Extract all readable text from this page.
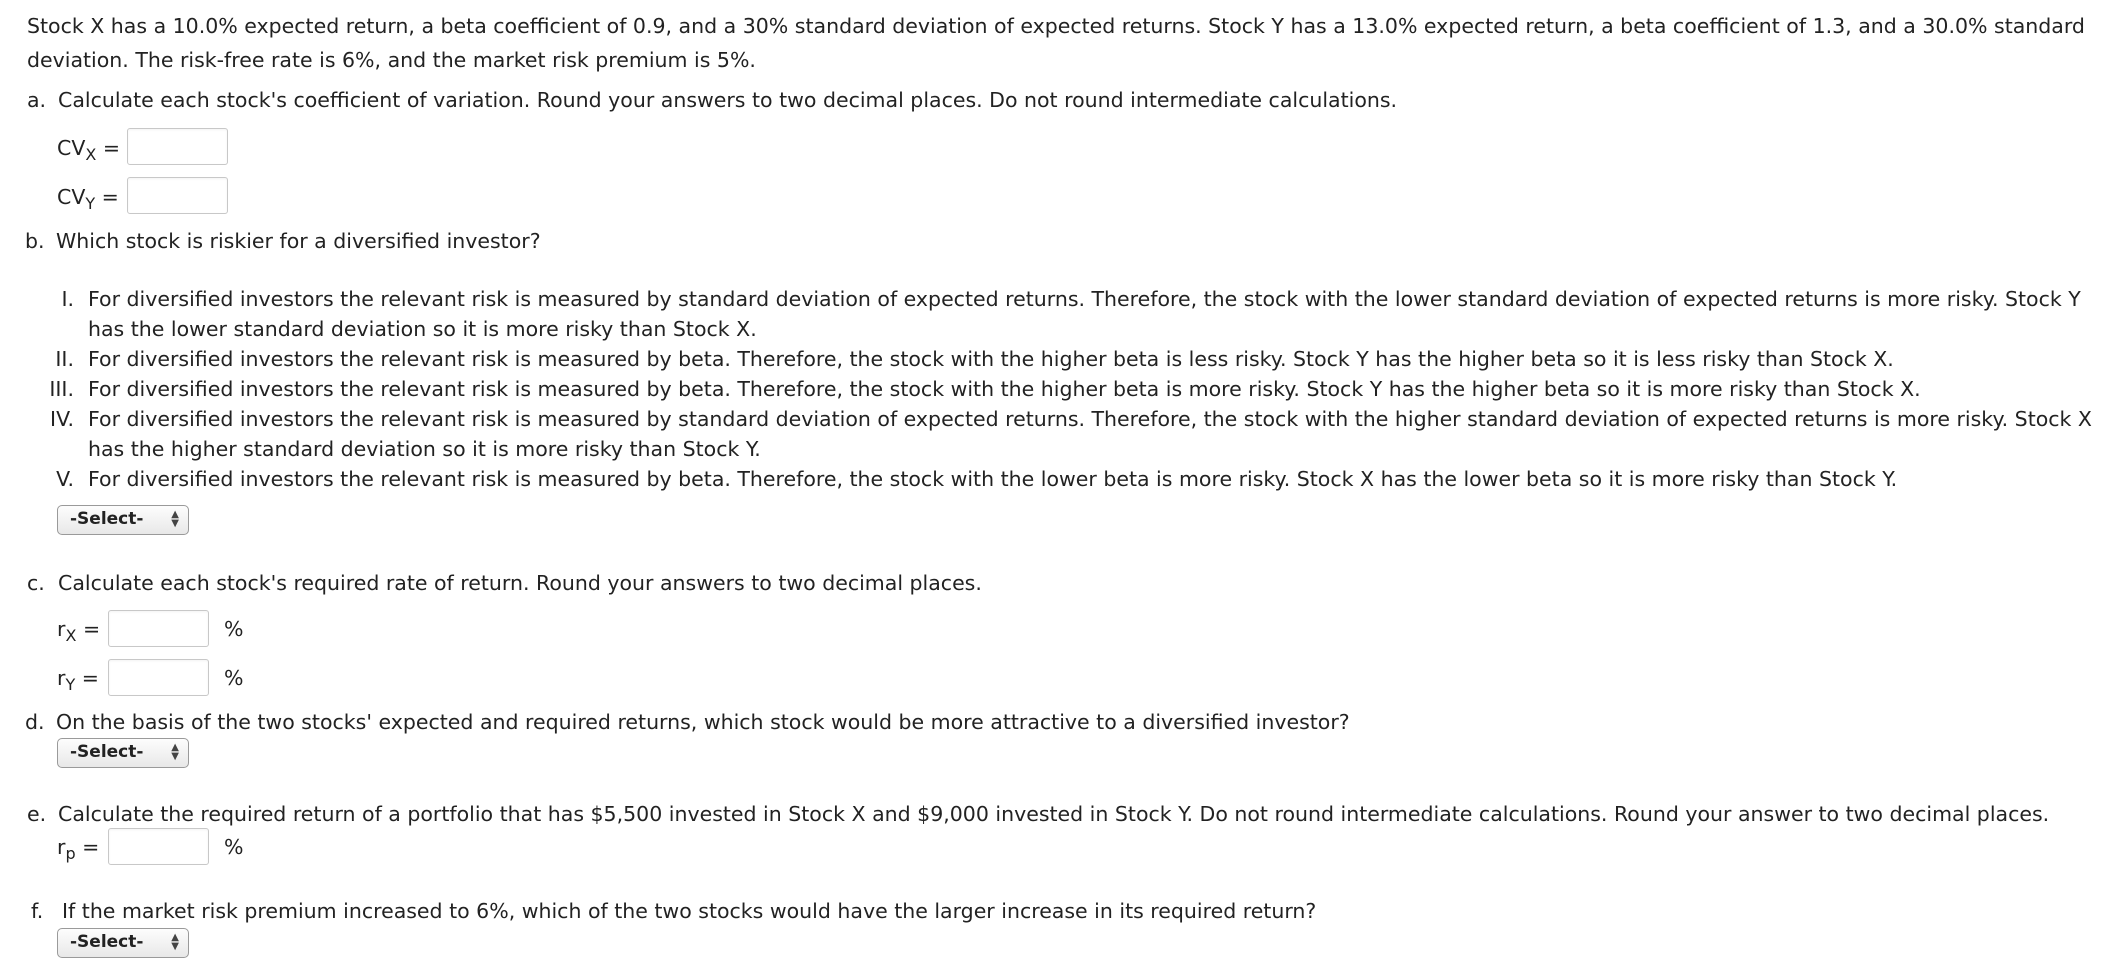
Stock X has a 10.0% expected return, a beta coefficient of 0.9, and a 30% standard deviation of expected returns. Stock Y has a 13.0% expected return, a beta coefficient of 1.3, and a 30.0% standard deviation. The risk-free rate is 6%, and the market risk premium is 5%.
a. Calculate each stock's coefficient of variation. Round your answers to two decimal places. Do not round intermediate calculations.
$CV_X$ =
$CV_Y$ =
b. Which stock is riskier for a diversified investor?
I. For diversified investors the relevant risk is measured by standard deviation of expected returns. Therefore, the stock with the lower standard deviation of expected returns is more risky. Stock Y has the lower standard deviation so it is more risky than Stock X.
II. For diversified investors the relevant risk is measured by beta. Therefore, the stock with the higher beta is less risky. Stock Y has the higher beta so it is less risky than Stock X.
III. For diversified investors the relevant risk is measured by beta. Therefore, the stock with the higher beta is more risky. Stock Y has the higher beta so it is more risky than Stock X.
IV. For diversified investors the relevant risk is measured by standard deviation of expected returns. Therefore, the stock with the higher standard deviation of expected returns is more risky. Stock X has the higher standard deviation so it is more risky than Stock Y.
V. For diversified investors the relevant risk is measured by beta. Therefore, the stock with the lower beta is more risky. Stock X has the lower beta so it is more risky than Stock Y.
-Select-	▲
▼
c. Calculate each stock's required rate of return. Round your answers to two decimal places.
$r_X$ =	%
$r_Y$ =	%
d. On the basis of the two stocks' expected and required returns, which stock would be more attractive to a diversified investor?
-Select-	▲
▼
e. Calculate the required return of a portfolio that has $5,500 invested in Stock X and $9,000 invested in Stock Y. Do not round intermediate calculations. Round your answer to two decimal places.
$r_p$ =	%
f. If the market risk premium increased to 6%, which of the two stocks would have the larger increase in its required return?
-Select-	▲
▼
